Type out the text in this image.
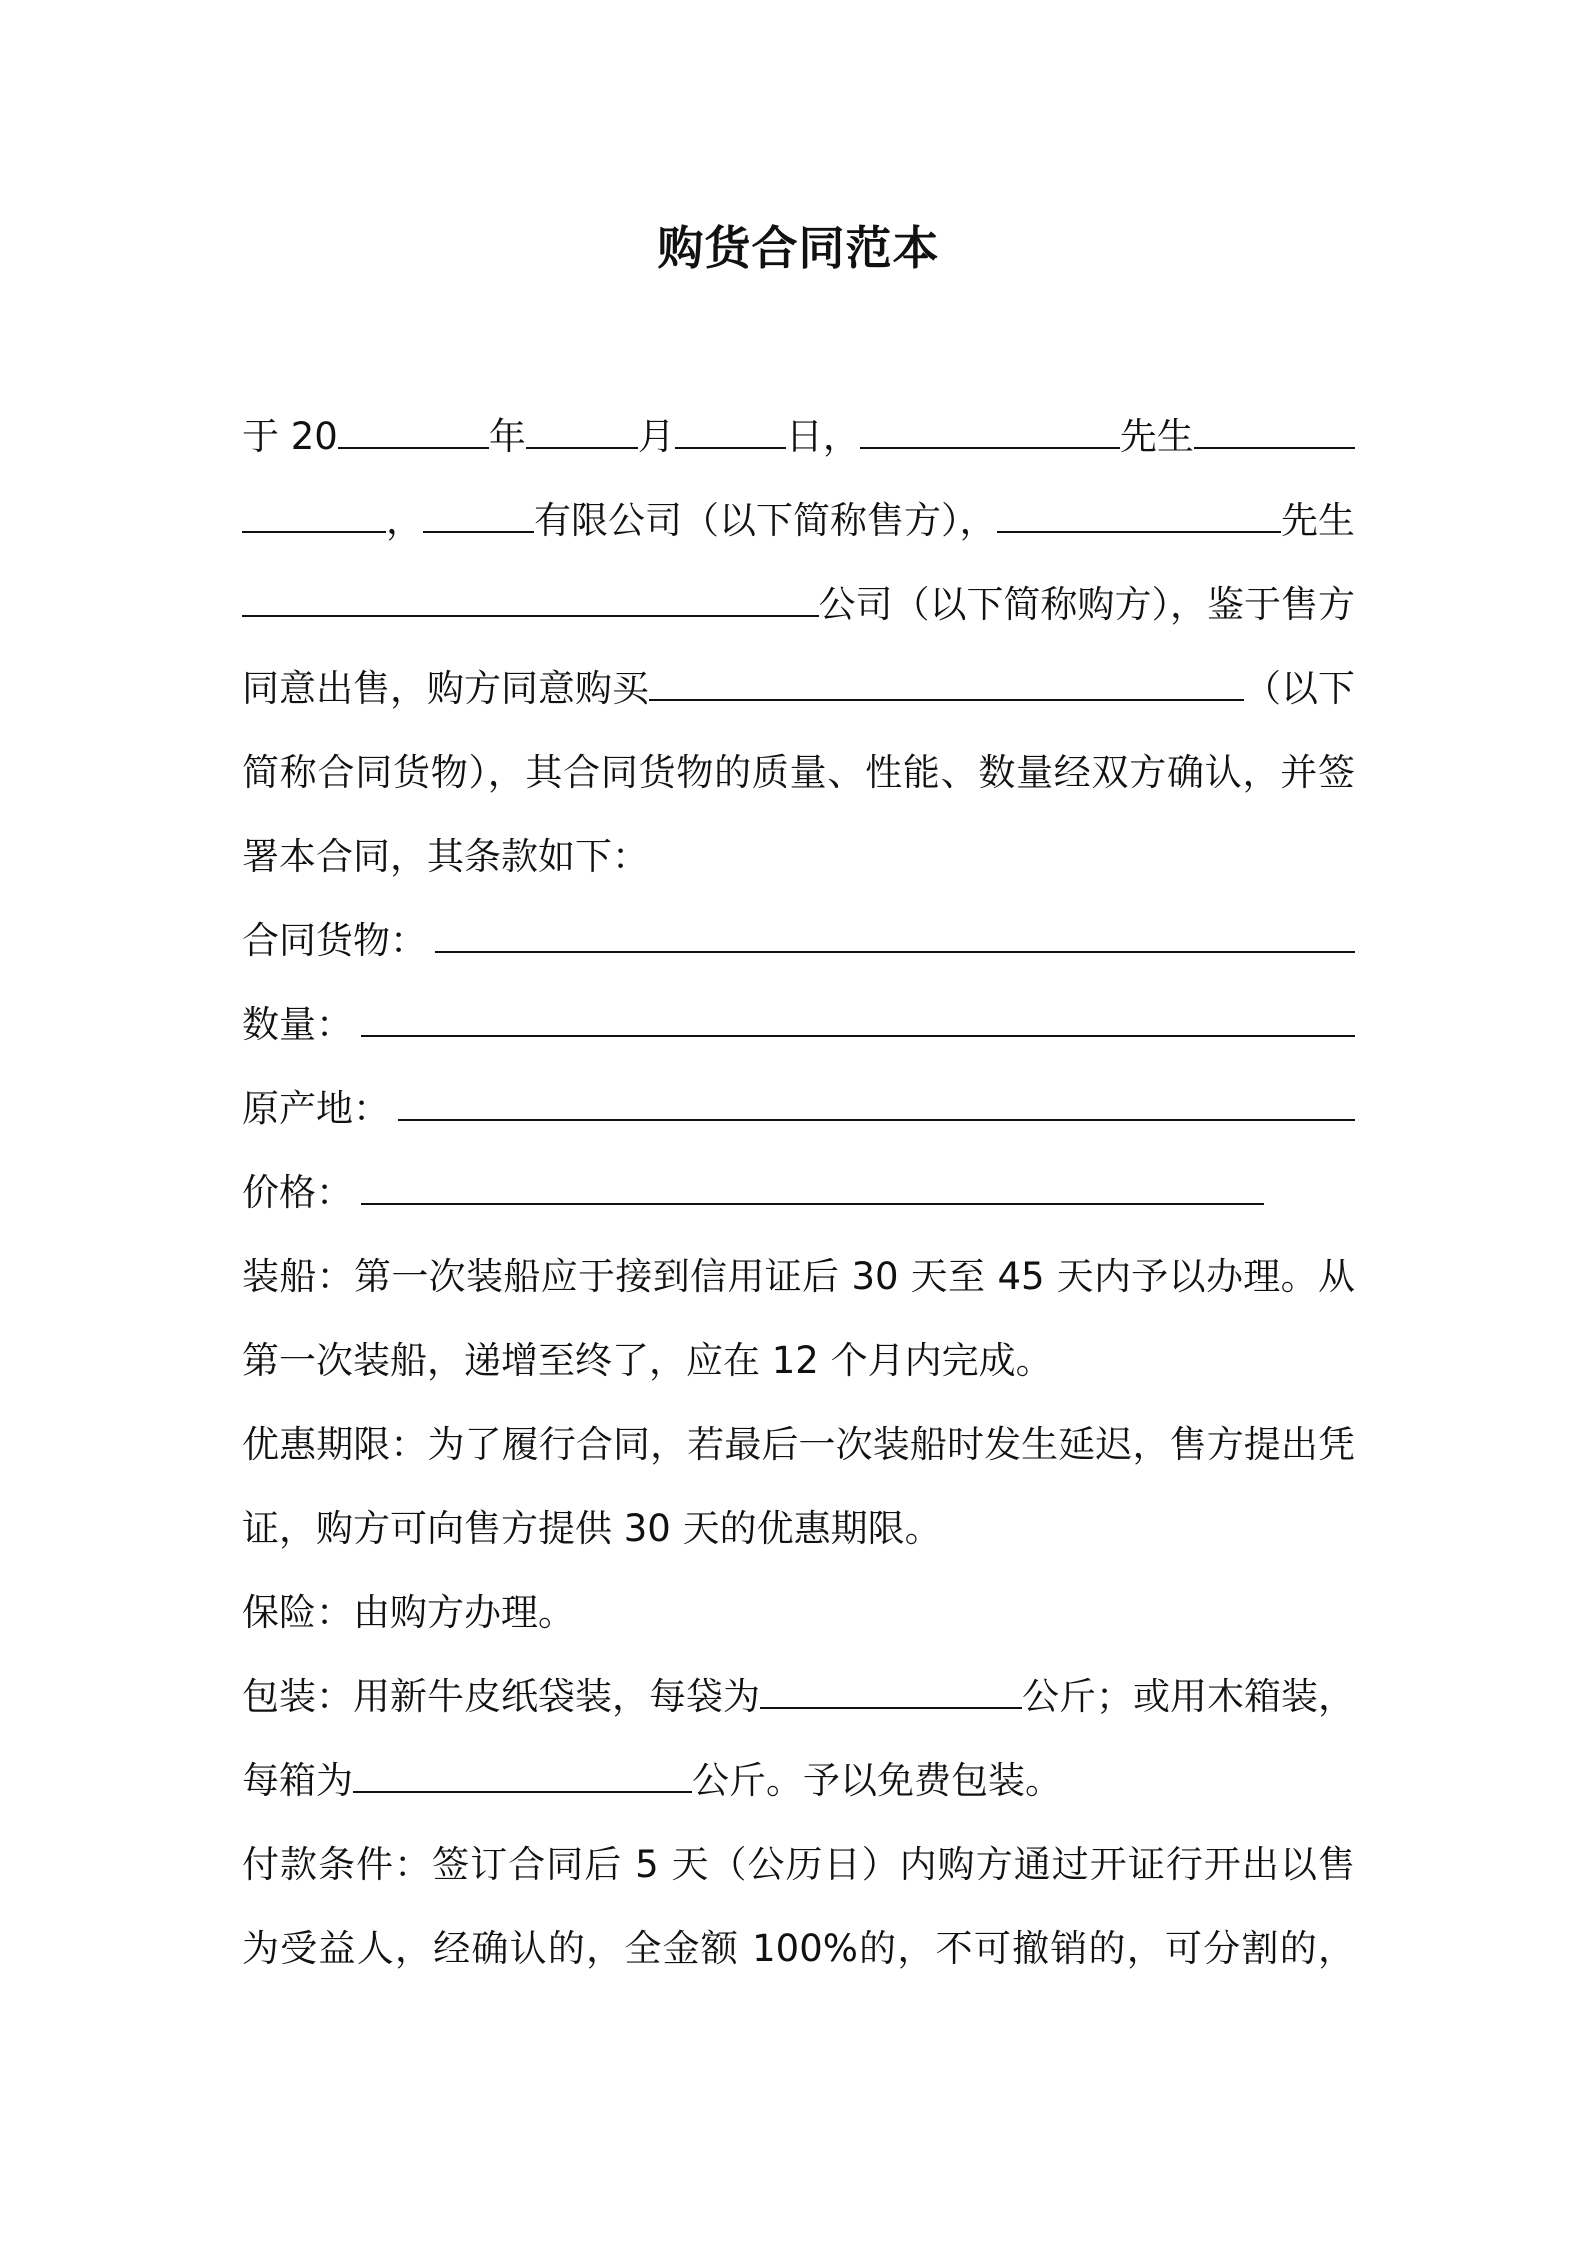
购货合同范本
于 20	年	月	日，	先生
，	有限公司（以下简称售方），	先生
公司（以下简称购方），鉴于售方
同意出售，购方同意购买	（以下
简称合同货物），其合同货物的质量、性能、数量经双方确认，并签
署本合同，其条款如下：
合同货物：
数量：
原产地：
价格：
装船：第一次装船应于接到信用证后 30 天至 45 天内予以办理。从
第一次装船，递增至终了，应在 12 个月内完成。
优惠期限：为了履行合同，若最后一次装船时发生延迟，售方提出凭
证，购方可向售方提供 30 天的优惠期限。
保险：由购方办理。
包装：用新牛皮纸袋装，每袋为	公斤；或用木箱装，
每箱为	公斤。予以免费包装。
付款条件：签订合同后 5 天（公历日）内购方通过开证行开出以售
为受益人，经确认的，全金额 100%的，不可撤销的，可分割的，
